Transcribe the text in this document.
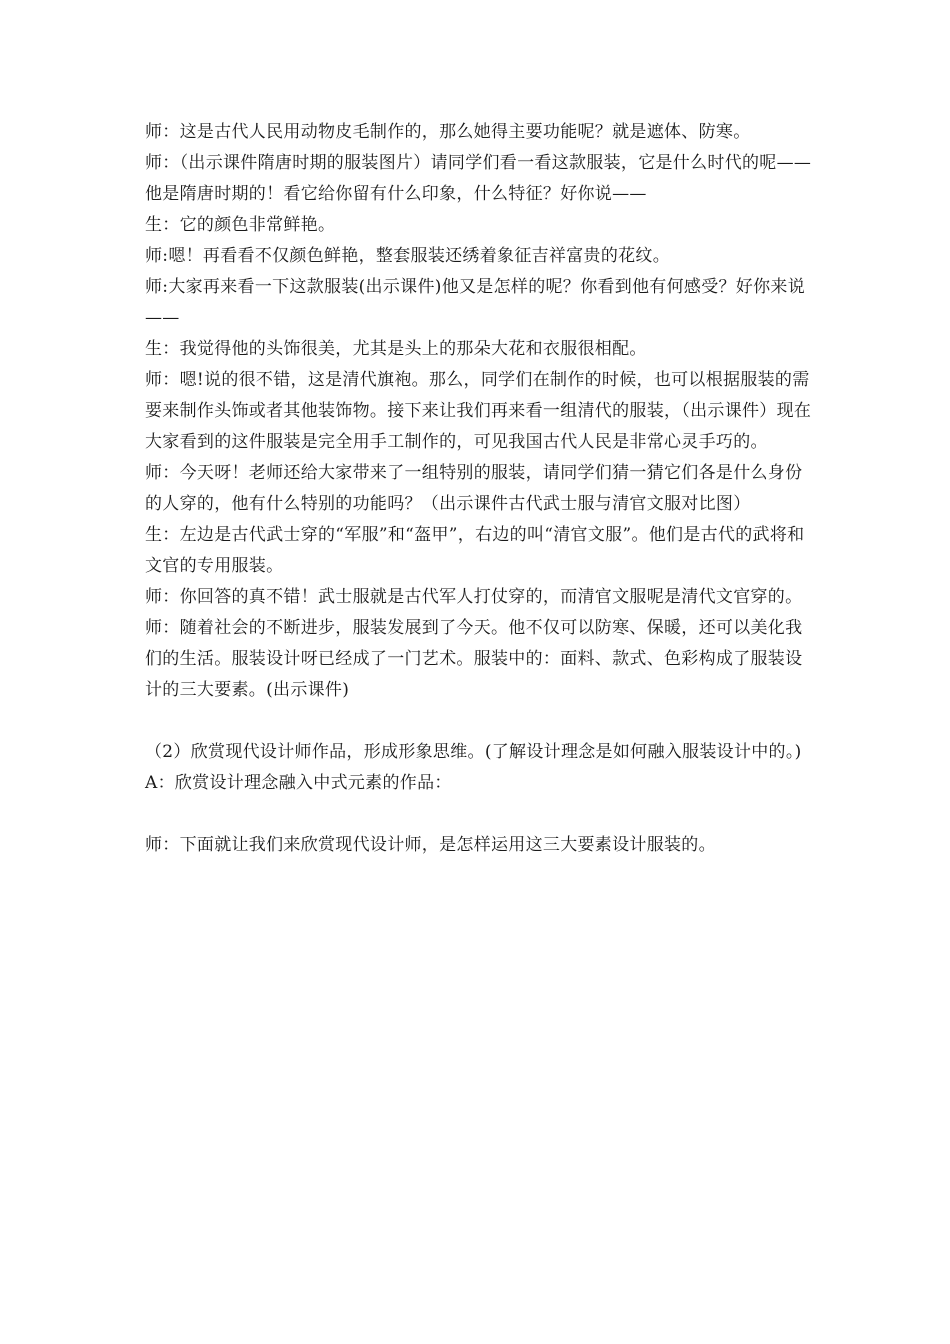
师：这是古代人民用动物皮毛制作的，那么她得主要功能呢？就是遮体、防寒。

师：（出示课件隋唐时期的服装图片）请同学们看一看这款服装，它是什么时代的呢——

他是隋唐时期的！看它给你留有什么印象，什么特征？好你说——

生：它的颜色非常鲜艳。

师:嗯！再看看不仅颜色鲜艳，整套服装还绣着象征吉祥富贵的花纹。

师:大家再来看一下这款服装(出示课件)他又是怎样的呢？你看到他有何感受？好你来说——

生：我觉得他的头饰很美，尤其是头上的那朵大花和衣服很相配。

师：嗯!说的很不错，这是清代旗袍。那么，同学们在制作的时候，也可以根据服装的需要来制作头饰或者其他装饰物。接下来让我们再来看一组清代的服装，（出示课件）现在大家看到的这件服装是完全用手工制作的，可见我国古代人民是非常心灵手巧的。

师：今天呀！老师还给大家带来了一组特别的服装，请同学们猜一猜它们各是什么身份的人穿的，他有什么特别的功能吗？（出示课件古代武士服与清官文服对比图）

生：左边是古代武士穿的“军服”和“盔甲”，右边的叫“清官文服”。他们是古代的武将和文官的专用服装。

师：你回答的真不错！武士服就是古代军人打仗穿的，而清官文服呢是清代文官穿的。

师：随着社会的不断进步，服装发展到了今天。他不仅可以防寒、保暖，还可以美化我们的生活。服装设计呀已经成了一门艺术。服装中的：面料、款式、色彩构成了服装设计的三大要素。(出示课件)

（2）欣赏现代设计师作品，形成形象思维。(了解设计理念是如何融入服装设计中的。)

A：欣赏设计理念融入中式元素的作品：

师：下面就让我们来欣赏现代设计师，是怎样运用这三大要素设计服装的。
